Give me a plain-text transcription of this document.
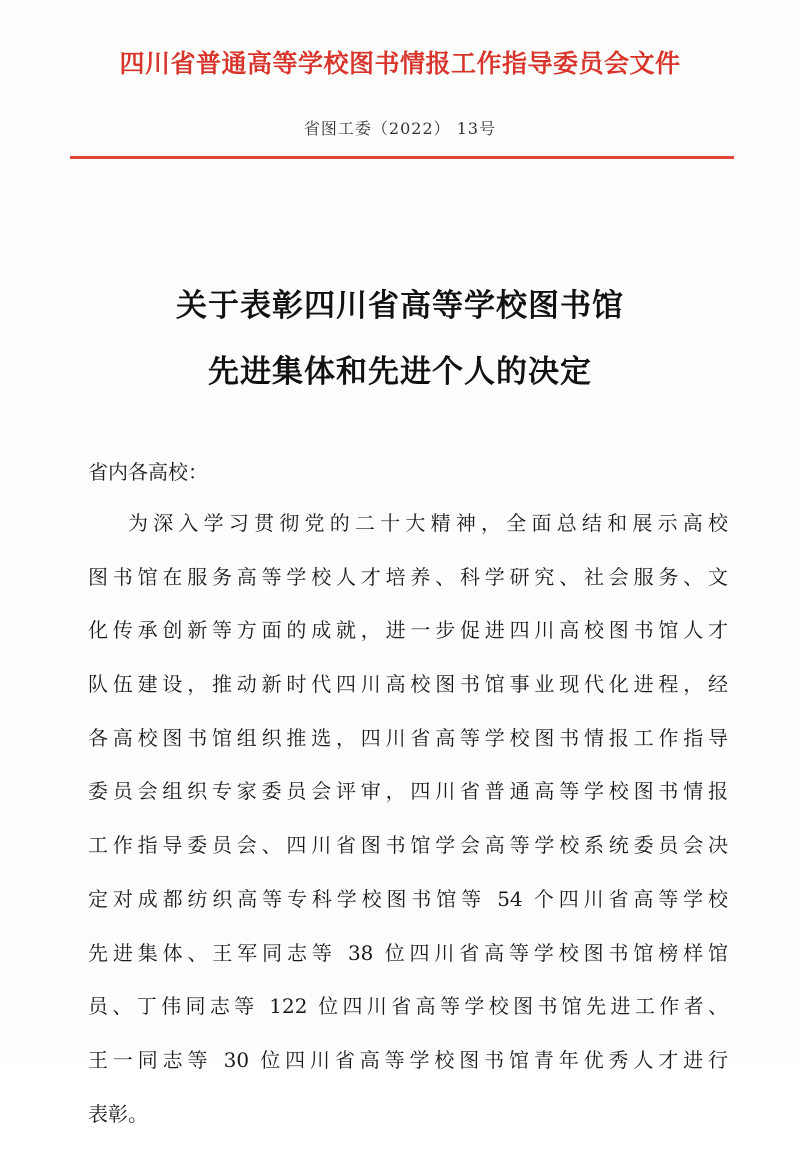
四川省普通高等学校图书情报工作指导委员会文件
省图工委（2022） 13号
关于表彰四川省高等学校图书馆
先进集体和先进个人的决定
省内各高校：
为深入学习贯彻党的二十大精神，全面总结和展示高校
图书馆在服务高等学校人才培养、科学研究、社会服务、文
化传承创新等方面的成就，进一步促进四川高校图书馆人才
队伍建设，推动新时代四川高校图书馆事业现代化进程，经
各高校图书馆组织推选，四川省高等学校图书情报工作指导
委员会组织专家委员会评审，四川省普通高等学校图书情报
工作指导委员会、四川省图书馆学会高等学校系统委员会决
定对成都纺织高等专科学校图书馆等 54 个四川省高等学校
先进集体、王军同志等 38 位四川省高等学校图书馆榜样馆
员、丁伟同志等 122 位四川省高等学校图书馆先进工作者、
王一同志等 30 位四川省高等学校图书馆青年优秀人才进行
表彰。
